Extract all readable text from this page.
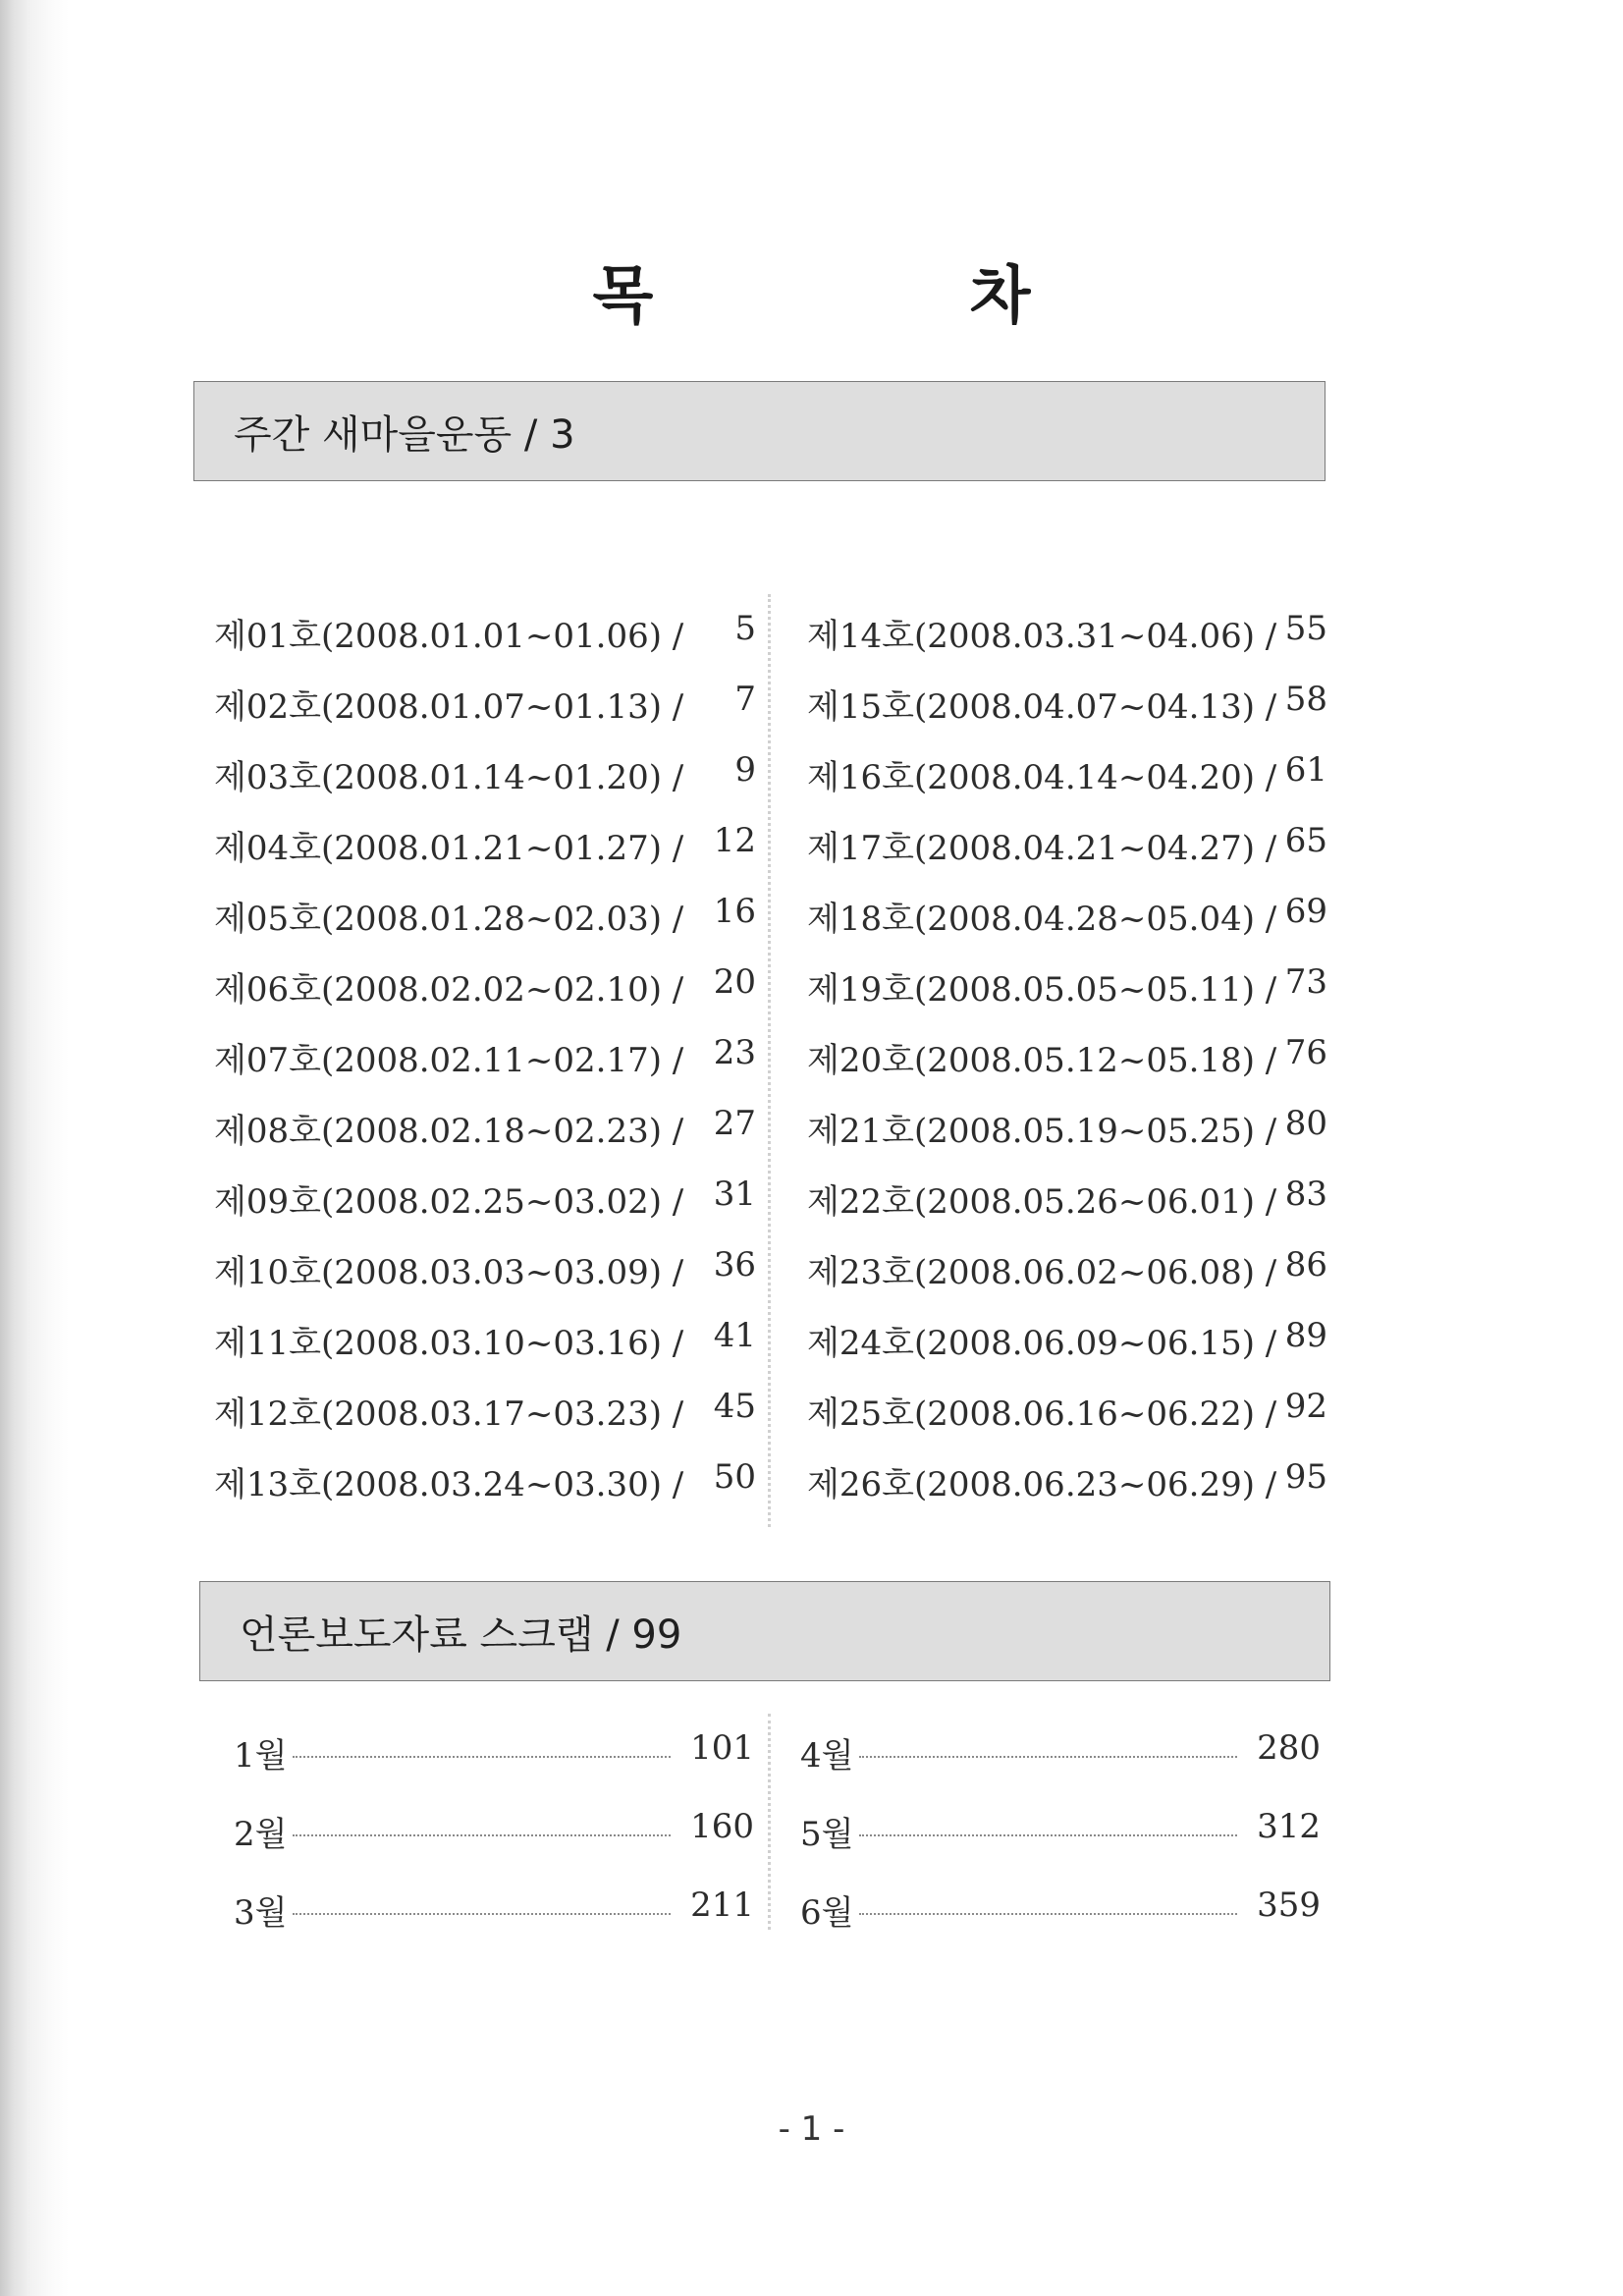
목 차
주간 새마을운동 / 3
제01호(2008.01.01~01.06) / 5
제02호(2008.01.07~01.13) / 7
제03호(2008.01.14~01.20) / 9
제04호(2008.01.21~01.27) / 12
제05호(2008.01.28~02.03) / 16
제06호(2008.02.02~02.10) / 20
제07호(2008.02.11~02.17) / 23
제08호(2008.02.18~02.23) / 27
제09호(2008.02.25~03.02) / 31
제10호(2008.03.03~03.09) / 36
제11호(2008.03.10~03.16) / 41
제12호(2008.03.17~03.23) / 45
제13호(2008.03.24~03.30) / 50
제14호(2008.03.31~04.06) / 55
제15호(2008.04.07~04.13) / 58
제16호(2008.04.14~04.20) / 61
제17호(2008.04.21~04.27) / 65
제18호(2008.04.28~05.04) / 69
제19호(2008.05.05~05.11) / 73
제20호(2008.05.12~05.18) / 76
제21호(2008.05.19~05.25) / 80
제22호(2008.05.26~06.01) / 83
제23호(2008.06.02~06.08) / 86
제24호(2008.06.09~06.15) / 89
제25호(2008.06.16~06.22) / 92
제26호(2008.06.23~06.29) / 95
언론보도자료 스크랩 / 99
1월	101
2월	160
3월	211
4월	280
5월	312
6월	359
- 1 -
